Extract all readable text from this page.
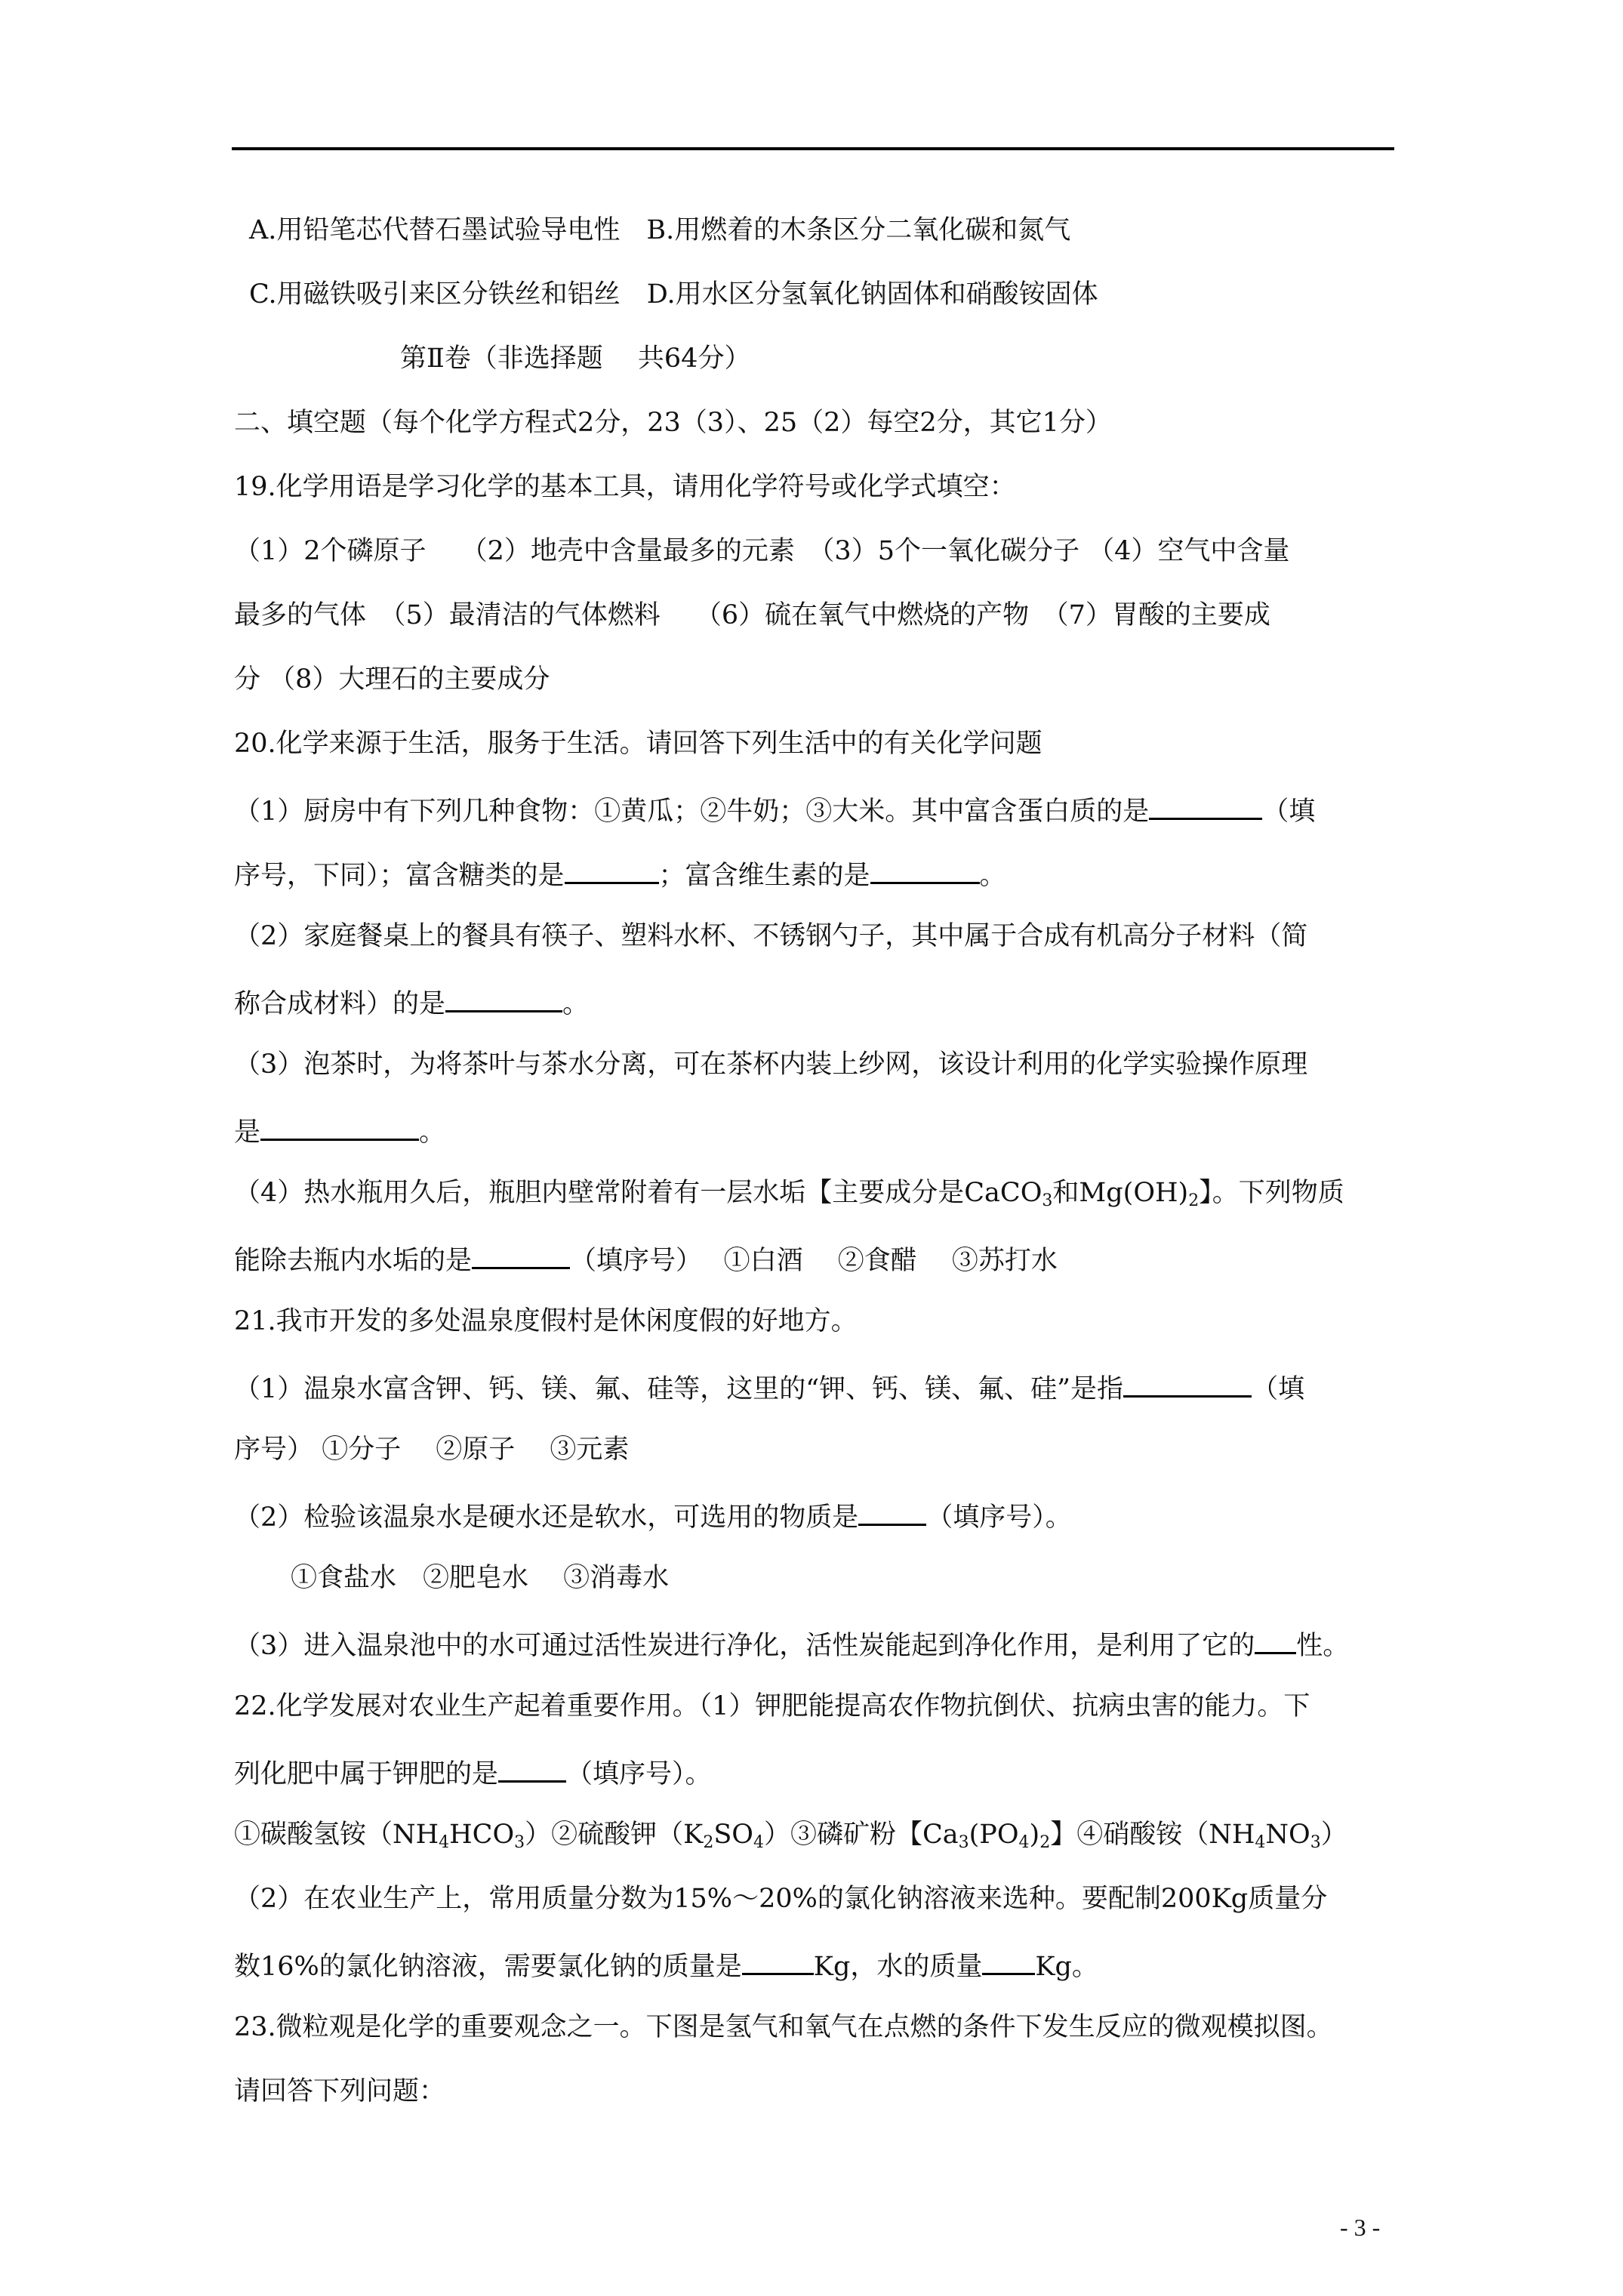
A.用铅笔芯代替石墨试验导电性　 B.用燃着的木条区分二氧化碳和氮气
C.用磁铁吸引来区分铁丝和铝丝　 D.用水区分氢氧化钠固体和硝酸铵固体
第Ⅱ卷（非选择题　 共64分）
二、填空题（每个化学方程式2分，23（3）、25（2）每空2分，其它1分）
19.化学用语是学习化学的基本工具，请用化学符号或化学式填空：
（1）2个磷原子　 （2）地壳中含量最多的元素　（3）5个一氧化碳分子 （4）空气中含量
最多的气体　（5）最清洁的气体燃料　 （6）硫在氧气中燃烧的产物　（7）胃酸的主要成
分 （8）大理石的主要成分
20.化学来源于生活，服务于生活。请回答下列生活中的有关化学问题
（1）厨房中有下列几种食物：①黄瓜；②牛奶；③大米。其中富含蛋白质的是	（填
序号，下同）；富含糖类的是	；富含维生素的是	。
（2）家庭餐桌上的餐具有筷子、塑料水杯、不锈钢勺子，其中属于合成有机高分子材料（简
称合成材料）的是	。
（3）泡茶时，为将茶叶与茶水分离，可在茶杯内装上纱网，该设计利用的化学实验操作原理
是	。
（4）热水瓶用久后，瓶胆内壁常附着有一层水垢【主要成分是CaCO$_3$和$Mg(OH)_2$】。下列物质
能除去瓶内水垢的是	（填序号）　 ①白酒　 ②食醋　 ③苏打水
21.我市开发的多处温泉度假村是休闲度假的好地方。
（1）温泉水富含钾、钙、镁、氟、硅等，这里的“钾、钙、镁、氟、硅”是指	（填
序号） ①分子　 ②原子　 ③元素
（2）检验该温泉水是硬水还是软水，可选用的物质是	（填序号）。
①食盐水　②肥皂水　 ③消毒水
（3）进入温泉池中的水可通过活性炭进行净化，活性炭能起到净化作用，是利用了它的 性。
22.化学发展对农业生产起着重要作用。（1）钾肥能提高农作物抗倒伏、抗病虫害的能力。下
列化肥中属于钾肥的是	（填序号）。
①碳酸氢铵$(NH_4HCO_3)②$硫酸钾$(K_2SO_4)③$磷矿粉【$Ca_3(PO_4)_2$】④硝酸铵$(NH_4NO_3)$
（2）在农业生产上，常用质量分数为15%～20%的氯化钠溶液来选种。要配制200Kg质量分
数16%的氯化钠溶液，需要氯化钠的质量是	Kg，水的质量 Kg。
23.微粒观是化学的重要观念之一。下图是氢气和氧气在点燃的条件下发生反应的微观模拟图。
请回答下列问题：
- 3 -
